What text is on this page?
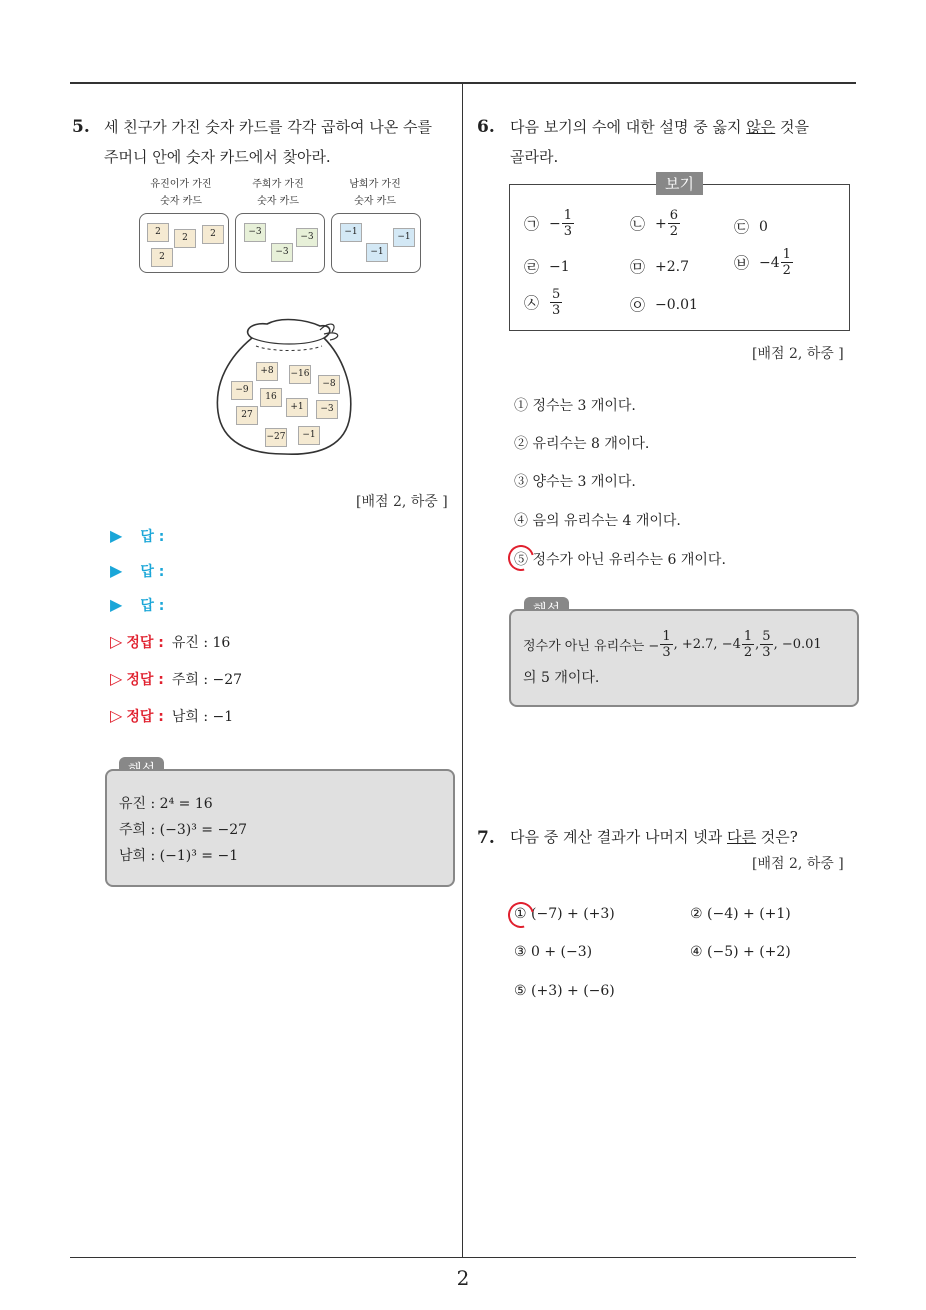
5. 세 친구가 가진 숫자 카드를 각각 곱하여 나온 수를
주머니 안에 숫자 카드에서 찾아라.
유진이가 가진
숫자 카드
주희가 가진
숫자 카드
남희가 가진
숫자 카드
2
2	2
2
−3	−3
−3
−1	−1
−1
+8	−16
−8
−9
16
27
+1	−3
−27	−1
[배점 2, 하중 ]
▶ 답 :
▶ 답 :
▶ 답 :
▷ 정답 : 유진 : 16
▷ 정답 : 주희 : −27
▷ 정답 : 남희 : −1
유진 : 2⁴ = 16
주희 : (−3)³ = −27
남희 : (−1)³ = −1
6. 다음 보기의 수에 대한 설명 중 옳지 않은 것을
골라라.
보기
㉠ − $\frac{1}{3}$	㉡ + $\frac{6}{2}$	㉢ 0
㉣ −1	㉤ +2.7	㉥ $-4 \frac{1}{2}$
㉦ $\frac{5}{3}$	㉧ −0.01
[배점 2, 하중 ]
① 정수는 3 개이다.
② 유리수는 8 개이다.
③ 양수는 3 개이다.
④ 음의 유리수는 4 개이다.
⑤ 정수가 아닌 유리수는 6 개이다.
정수가 아닌 유리수는 − $\frac{1}{3}$ , +2.7, $-4 \frac{1}{2}$ , $\frac{5}{3}$ , −0.01
의 5 개이다.
7. 다음 중 계산 결과가 나머지 넷과 다른 것은?
[배점 2, 하중 ]
① (−7) + (+3)	② (−4) + (+1)
③ 0 + (−3)	④ (−5) + (+2)
⑤ (+3) + (−6)
2
